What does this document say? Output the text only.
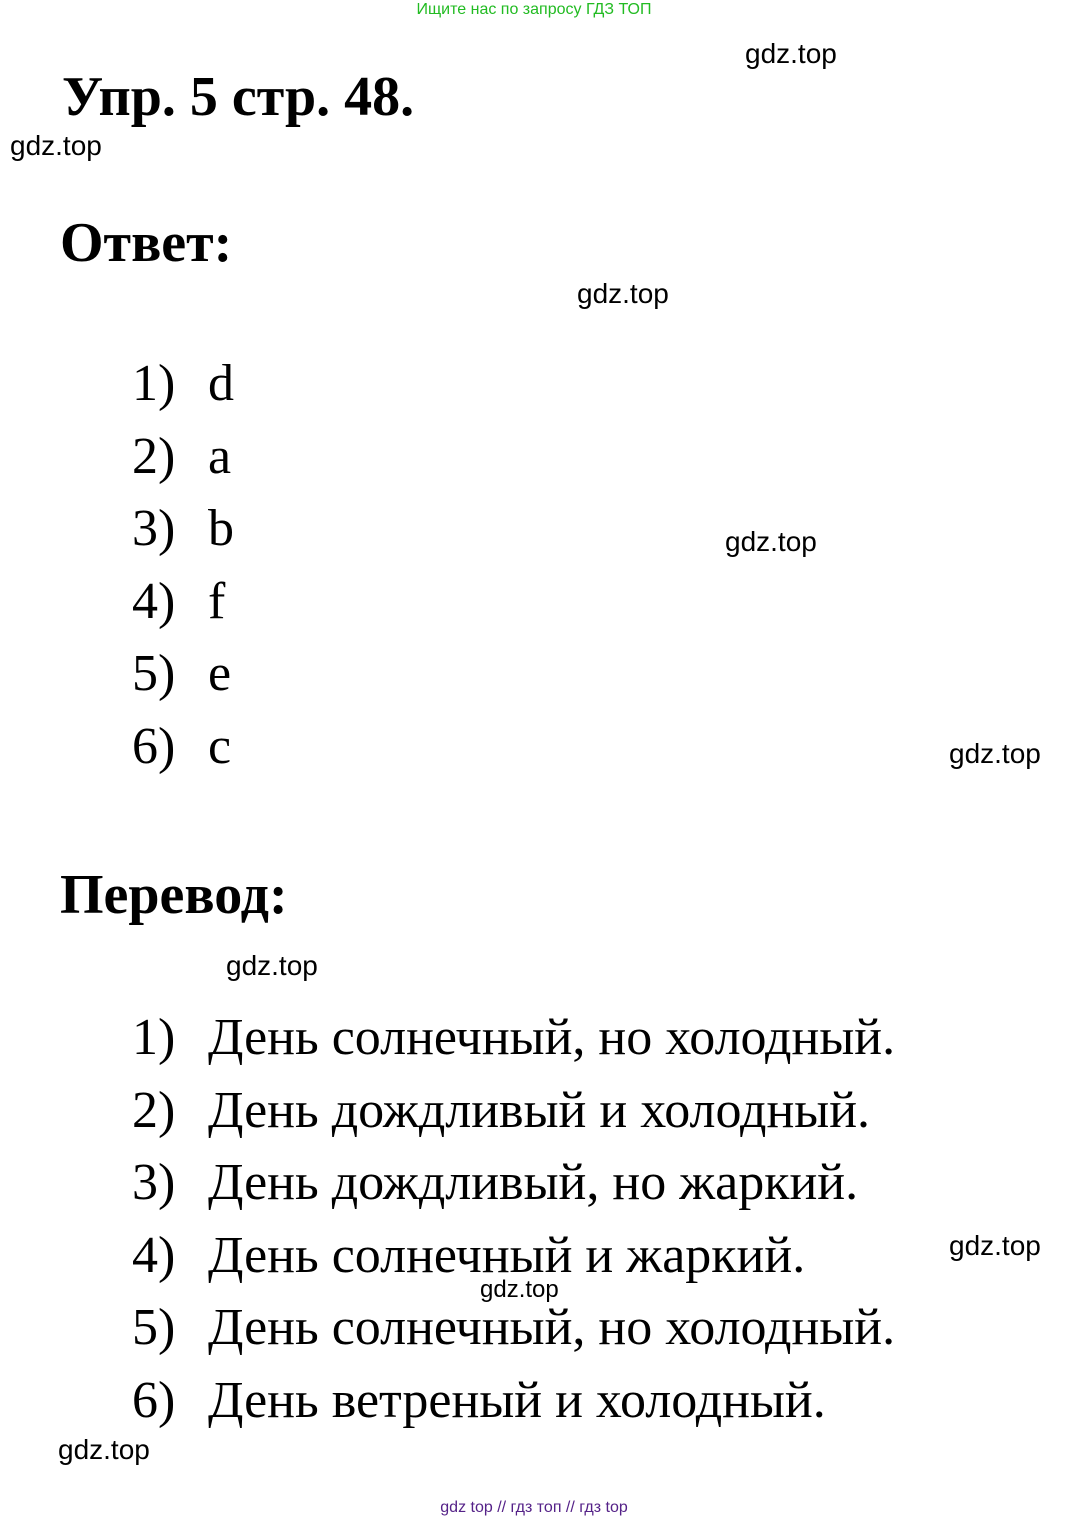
Ищите нас по запросу ГДЗ ТОП
gdz.top
Упр. 5 стр. 48.
gdz.top
Ответ:
gdz.top
1) d
2) a
3) b
4) f
5) e
6) c
gdz.top
gdz.top
Перевод:
gdz.top
1) День солнечный, но холодный.
2) День дождливый и холодный.
3) День дождливый, но жаркий.
4) День солнечный и жаркий.
5) День солнечный, но холодный.
6) День ветреный и холодный.
gdz.top
gdz.top
gdz.top
gdz top // гдз топ // гдз top
